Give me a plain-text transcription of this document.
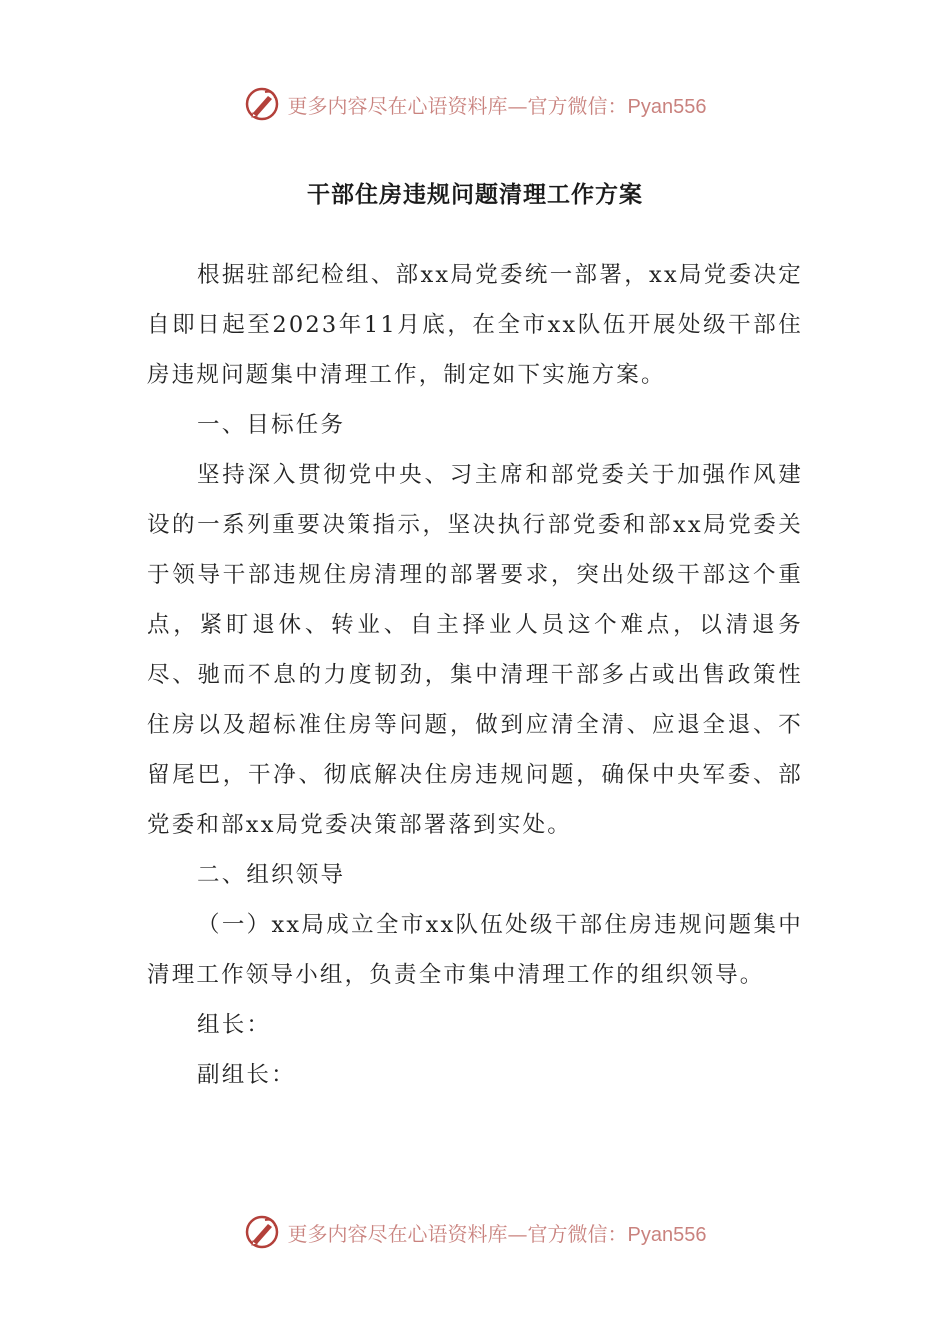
更多内容尽在心语资料库—官方微信：Pyan556
干部住房违规问题清理工作方案

根据驻部纪检组、部xx局党委统一部署，xx局党委决定自即日起至2023年11月底，在全市xx队伍开展处级干部住房违规问题集中清理工作，制定如下实施方案。

一、目标任务

坚持深入贯彻党中央、习主席和部党委关于加强作风建设的一系列重要决策指示，坚决执行部党委和部xx局党委关于领导干部违规住房清理的部署要求，突出处级干部这个重点，紧盯退休、转业、自主择业人员这个难点，以清退务尽、驰而不息的力度韧劲，集中清理干部多占或出售政策性住房以及超标准住房等问题，做到应清全清、应退全退、不留尾巴，干净、彻底解决住房违规问题，确保中央军委、部党委和部xx局党委决策部署落到实处。

二、组织领导

（一）xx局成立全市xx队伍处级干部住房违规问题集中清理工作领导小组，负责全市集中清理工作的组织领导。

组长：

副组长：

更多内容尽在心语资料库—官方微信：Pyan556
